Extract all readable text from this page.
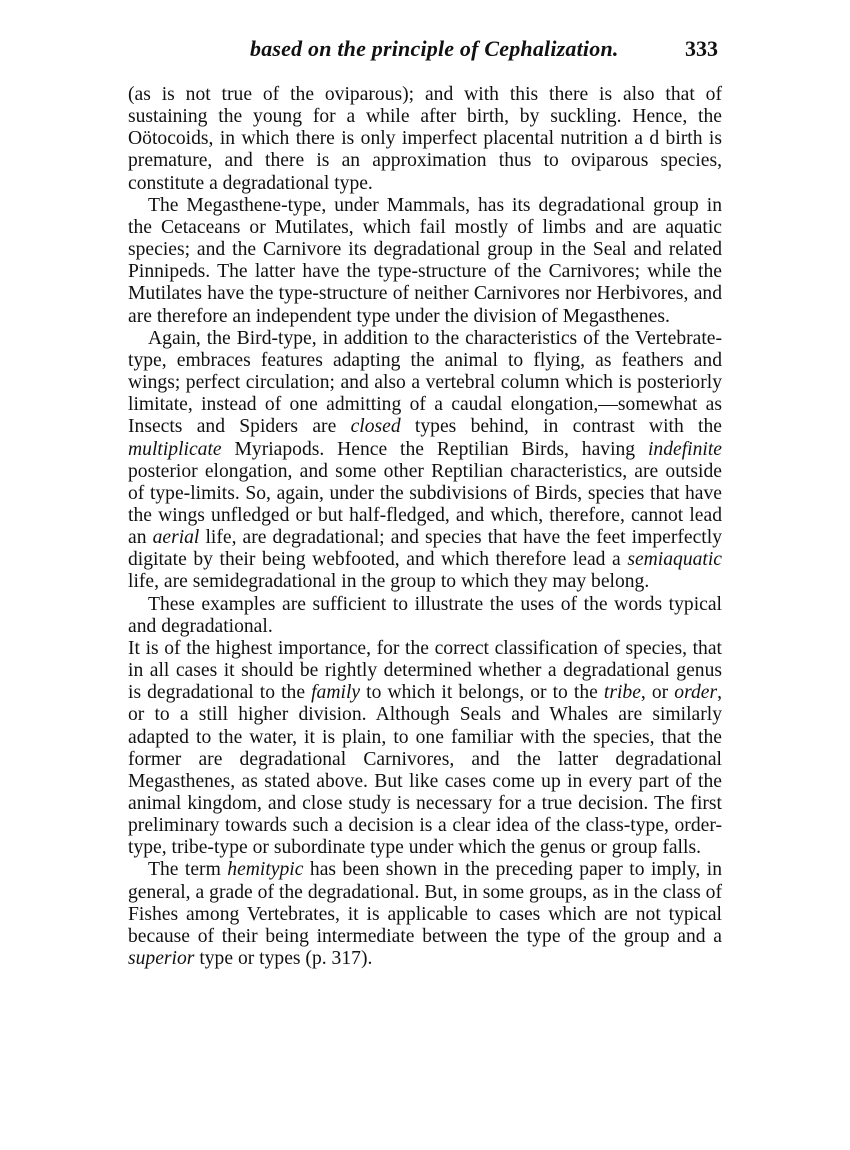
based on the principle of Cephalization.	333

(as is not true of the oviparous); and with this there is also that of sustaining the young for a while after birth, by suckling. Hence, the Oötocoids, in which there is only imperfect placental nutrition a d birth is premature, and there is an approximation thus to oviparous species, constitute a degradational type.

The Megasthene-type, under Mammals, has its degradational group in the Cetaceans or Mutilates, which fail mostly of limbs and are aquatic species; and the Carnivore its degradational group in the Seal and related Pinnipeds. The latter have the type-structure of the Carnivores; while the Mutilates have the type-structure of neither Carnivores nor Herbivores, and are therefore an independent type under the division of Megasthenes.

Again, the Bird-type, in addition to the characteristics of the Vertebrate-type, embraces features adapting the animal to flying, as feathers and wings; perfect circulation; and also a vertebral column which is posteriorly limitate, instead of one admitting of a caudal elongation,—somewhat as Insects and Spiders are closed types behind, in contrast with the multiplicate Myriapods. Hence the Reptilian Birds, having indefinite posterior elongation, and some other Reptilian characteristics, are outside of type-limits. So, again, under the subdivisions of Birds, species that have the wings unfledged or but half-fledged, and which, therefore, cannot lead an aerial life, are degradational; and species that have the feet imperfectly digitate by their being webfooted, and which therefore lead a semiaquatic life, are semidegradational in the group to which they may belong.

These examples are sufficient to illustrate the uses of the words typical and degradational.

It is of the highest importance, for the correct classification of species, that in all cases it should be rightly determined whether a degradational genus is degradational to the family to which it belongs, or to the tribe, or order, or to a still higher division. Although Seals and Whales are similarly adapted to the water, it is plain, to one familiar with the species, that the former are degradational Carnivores, and the latter degradational Megasthenes, as stated above. But like cases come up in every part of the animal kingdom, and close study is necessary for a true decision. The first preliminary towards such a decision is a clear idea of the class-type, order-type, tribe-type or subordinate type under which the genus or group falls.

The term hemitypic has been shown in the preceding paper to imply, in general, a grade of the degradational. But, in some groups, as in the class of Fishes among Vertebrates, it is applicable to cases which are not typical because of their being intermediate between the type of the group and a superior type or types (p. 317).
